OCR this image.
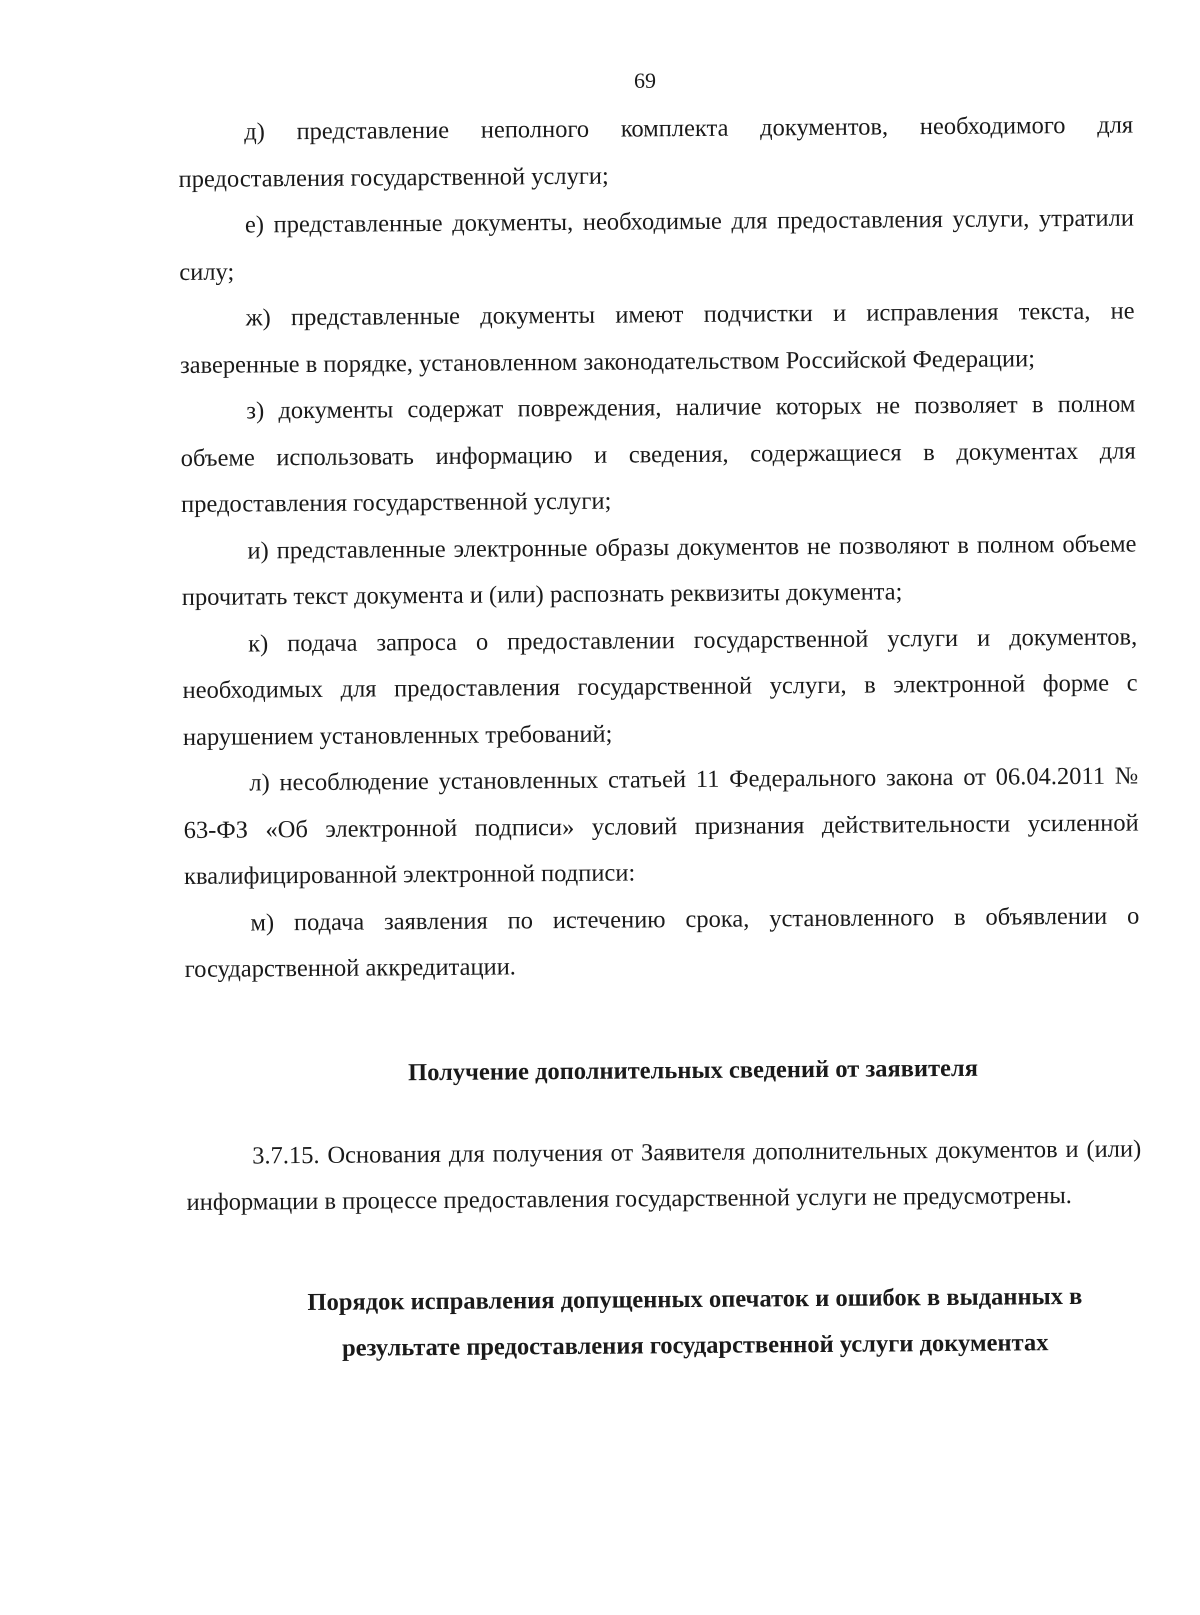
69

д) представление неполного комплекта документов, необходимого для предоставления государственной услуги;

е) представленные документы, необходимые для предоставления услуги, утратили силу;

ж) представленные документы имеют подчистки и исправления текста, не заверенные в порядке, установленном законодательством Российской Федерации;

з) документы содержат повреждения, наличие которых не позволяет в полном объеме использовать информацию и сведения, содержащиеся в документах для предоставления государственной услуги;

и) представленные электронные образы документов не позволяют в полном объеме прочитать текст документа и (или) распознать реквизиты документа;

к) подача запроса о предоставлении государственной услуги и документов, необходимых для предоставления государственной услуги, в электронной форме с нарушением установленных требований;

л) несоблюдение установленных статьей 11 Федерального закона от 06.04.2011 № 63-ФЗ «Об электронной подписи» условий признания действительности усиленной квалифицированной электронной подписи:

м) подача заявления по истечению срока, установленного в объявлении о государственной аккредитации.

Получение дополнительных сведений от заявителя

3.7.15. Основания для получения от Заявителя дополнительных документов и (или) информации в процессе предоставления государственной услуги не предусмотрены.

Порядок исправления допущенных опечаток и ошибок в выданных в
результате предоставления государственной услуги документах
